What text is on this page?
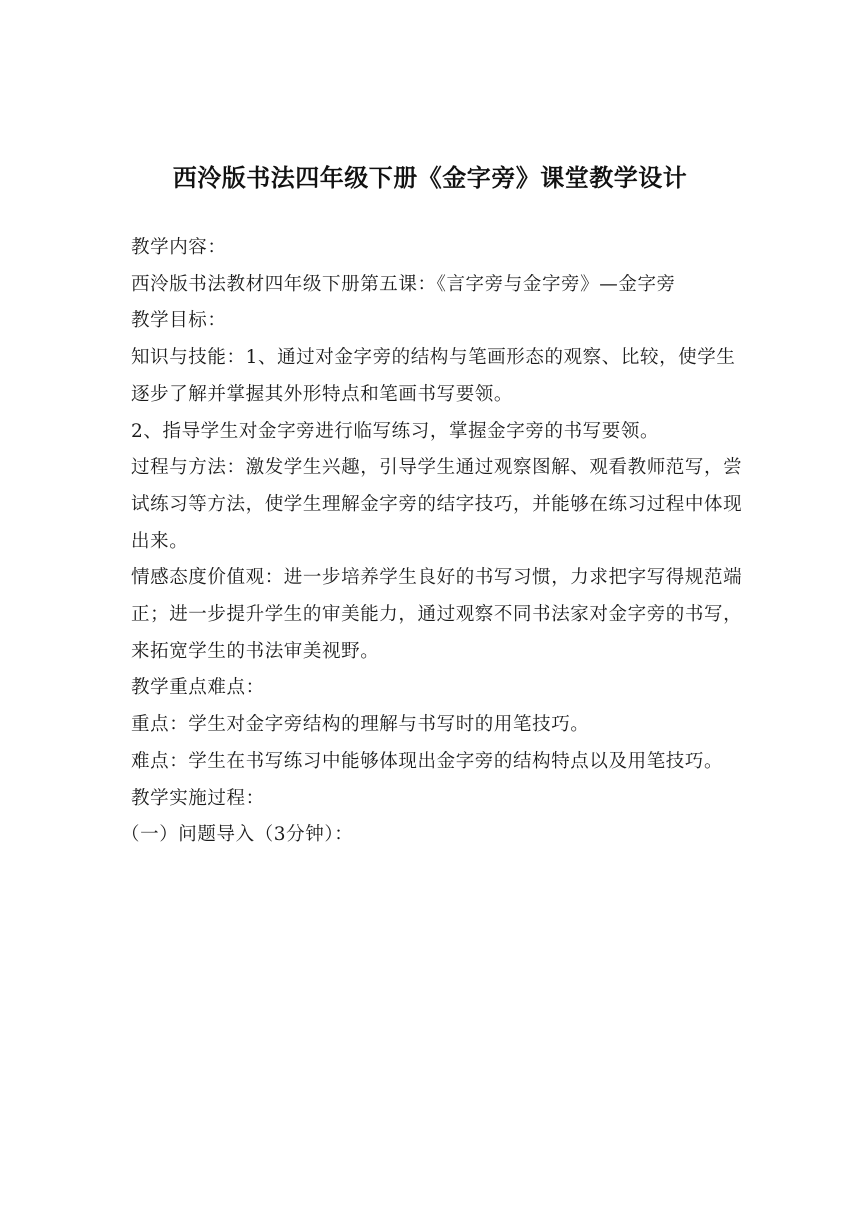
西泠版书法四年级下册《金字旁》课堂教学设计

教学内容：

西泠版书法教材四年级下册第五课：《言字旁与金字旁》—金字旁

教学目标：

知识与技能：1、通过对金字旁的结构与笔画形态的观察、比较，使学生逐步了解并掌握其外形特点和笔画书写要领。

2、指导学生对金字旁进行临写练习，掌握金字旁的书写要领。

过程与方法：激发学生兴趣，引导学生通过观察图解、观看教师范写，尝试练习等方法，使学生理解金字旁的结字技巧，并能够在练习过程中体现出来。

情感态度价值观：进一步培养学生良好的书写习惯，力求把字写得规范端正；进一步提升学生的审美能力，通过观察不同书法家对金字旁的书写，来拓宽学生的书法审美视野。

教学重点难点：

重点：学生对金字旁结构的理解与书写时的用笔技巧。

难点：学生在书写练习中能够体现出金字旁的结构特点以及用笔技巧。

教学实施过程：

（一）问题导入（3分钟）：
